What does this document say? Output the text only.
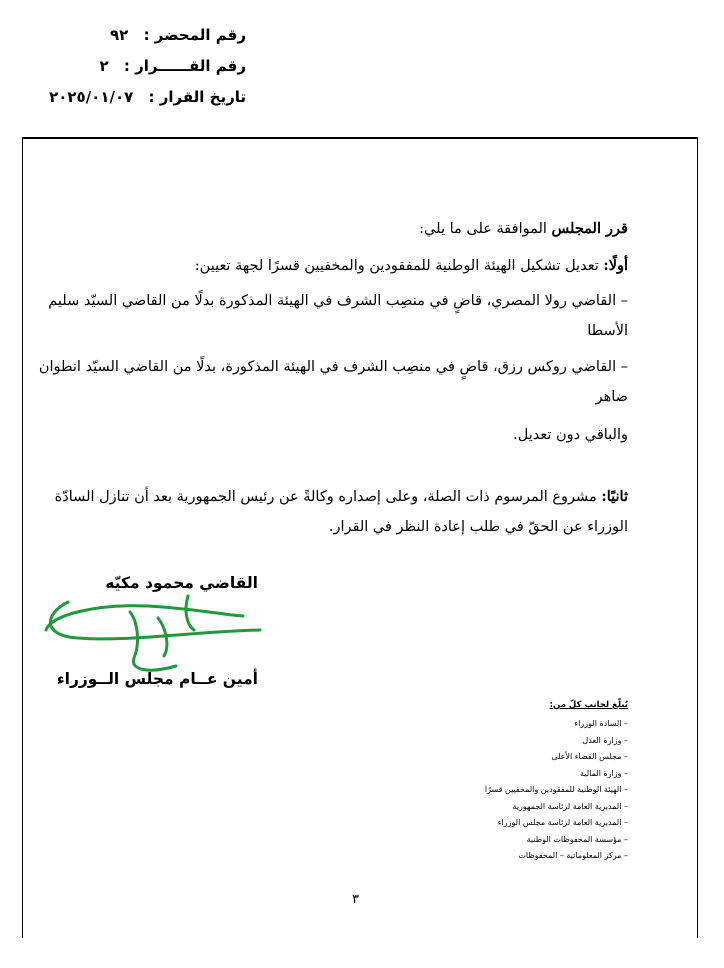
رقم المحضر : ٩٢
رقم القــــــرار : ٢
تاريخ القرار : ٢٠٢٥/٠١/٠٧
قرر المجلس الموافقة على ما يلي:
أولًا: تعديل تشكيل الهيئة الوطنية للمفقودين والمخفيين قسرًا لجهة تعيين:
– القاضي رولا المصري، قاضٍ في منصِب الشرف في الهيئة المذكورة بدلًا من القاضي السيّد سليم الأسطا
– القاضي روكس رزق، قاضٍ في منصِب الشرف في الهيئة المذكورة، بدلًا من القاضي السيّد انطوان ضاهر
والباقي دون تعديل.
ثانيًا: مشروع المرسوم ذات الصلة، وعلى إصداره وكالةً عن رئيس الجمهورية بعد أن تنازل السادّة الوزراء عن الحقّ في طلب إعادة النظر في القرار.
القاضي محمود مكيّه
أمين عــام مجلس الــوزراء
يُبلّغ لجانب كلّ من:
– السادة الوزراء
– وزارة العدل
– مجلس القضاء الأعلى
– وزارة المالية
– الهيئة الوطنية للمفقودين والمخفيين قسرًا
– المديرية العامة لرئاسة الجمهورية
– المديرية العامة لرئاسة مجلس الوزراء
– مؤسسة المحفوظات الوطنية
– مركز المعلوماتية – المحفوظات
٣
